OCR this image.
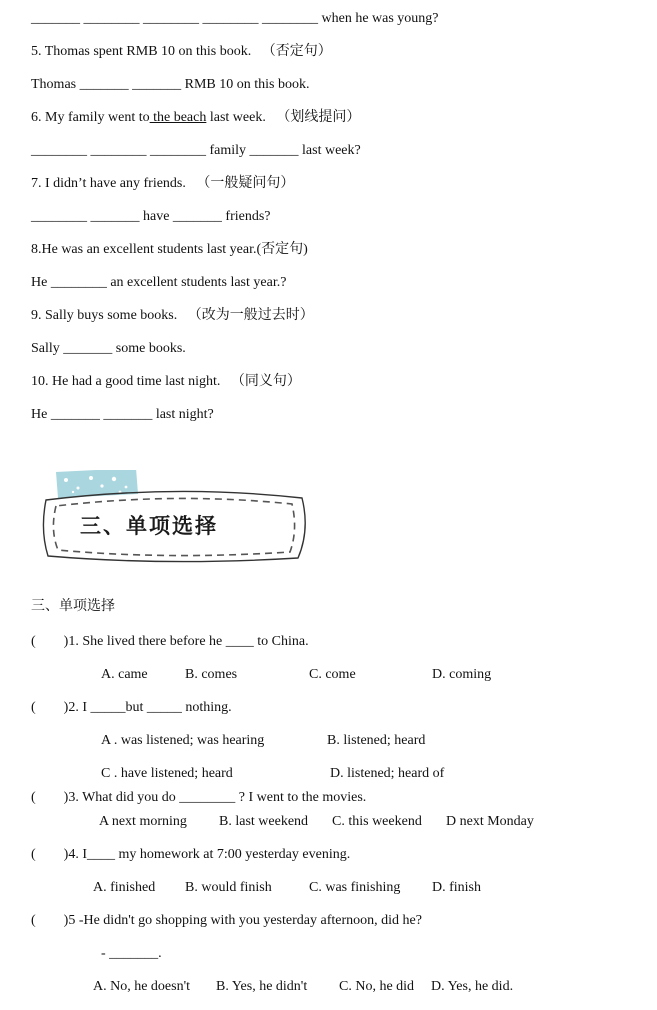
_______ ________ ________ ________ ________ when he was young?
5. Thomas spent RMB 10 on this book.   （否定句）
Thomas _______ _______ RMB 10 on this book.
6. My family went to the beach last week.   （划线提问）
________ ________ ________ family _______ last week?
7. I didn’t have any friends.   （一般疑问句）
________ _______ have _______ friends?
8.He was an excellent students last year.(否定句)
He ________ an excellent students last year.?
9. Sally buys some books.   （改为一般过去时）
Sally _______ some books.
10. He had a good time last night.   （同义句）
He _______ _______ last night?
三、单项选择
三、单项选择
(        )1. She lived there before he ____ to China.
A. came	B. comes	C. come	D. coming
(        )2. I _____but _____ nothing.
A . was listened; was hearing	B. listened; heard
C . have listened; heard	D. listened; heard of
(        )3. What did you do ________ ? I went to the movies.
A next morning B. last weekend C. this weekend D next Monday
(        )4. I____ my homework at 7:00 yesterday evening.
A. finished B. would finish	C. was finishing D. finish
(        )5 -He didn't go shopping with you yesterday afternoon, did he?
- _______.
A. No, he doesn't B. Yes, he didn't C. No, he did D. Yes, he did.
